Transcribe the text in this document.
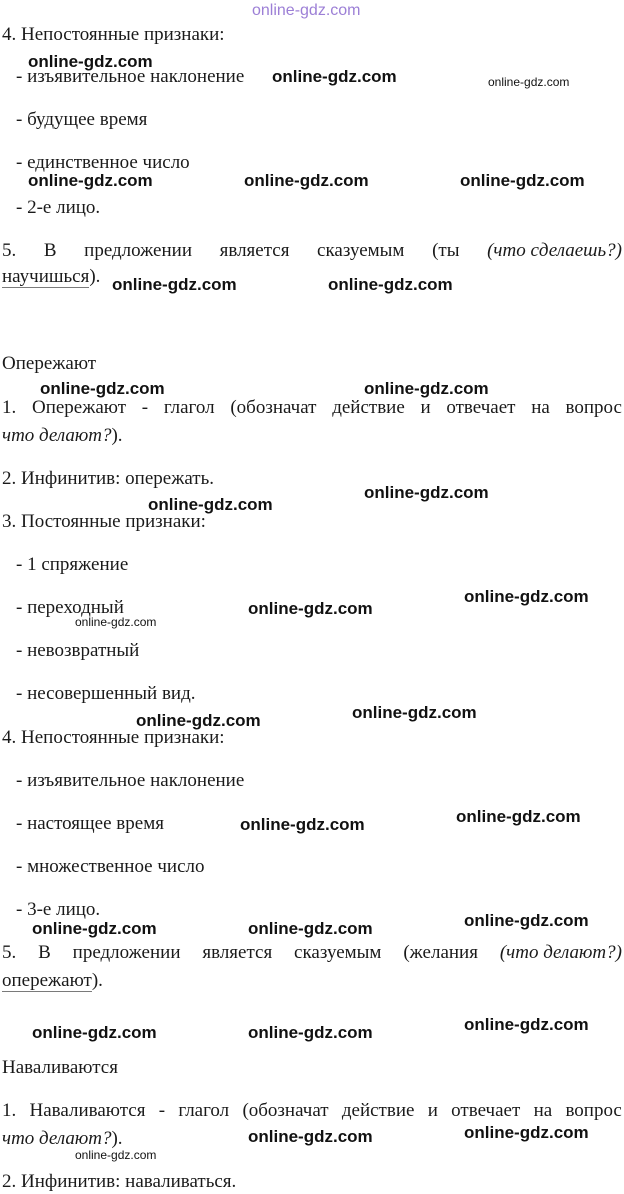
online-gdz.com
4. Непостоянные признаки:
- изъявительное наклонение
- будущее время
- единственное число
- 2-е лицо.
5. В предложении является сказуемым (ты (что сделаешь?)
научишься).
Опережают
1. Опережают - глагол (обозначат действие и отвечает на вопрос
что делают?).
2. Инфинитив: опережать.
3. Постоянные признаки:
- 1 спряжение
- переходный
- невозвратный
- несовершенный вид.
4. Непостоянные признаки:
- изъявительное наклонение
- настоящее время
- множественное число
- 3-е лицо.
5. В предложении является сказуемым (желания (что делают?)
опережают).
Наваливаются
1. Наваливаются - глагол (обозначат действие и отвечает на вопрос
что делают?).
2. Инфинитив: наваливаться.
online-gdz.com
online-gdz.com	online-gdz.com
online-gdz.com	online-gdz.com	online-gdz.com
online-gdz.com	online-gdz.com
online-gdz.com	online-gdz.com
online-gdz.com
online-gdz.com
online-gdz.com
online-gdz.com
online-gdz.com
online-gdz.com	online-gdz.com
online-gdz.com
online-gdz.com
online-gdz.com	online-gdz.com	online-gdz.com
online-gdz.com	online-gdz.com	online-gdz.com
online-gdz.com	online-gdz.com
online-gdz.com
